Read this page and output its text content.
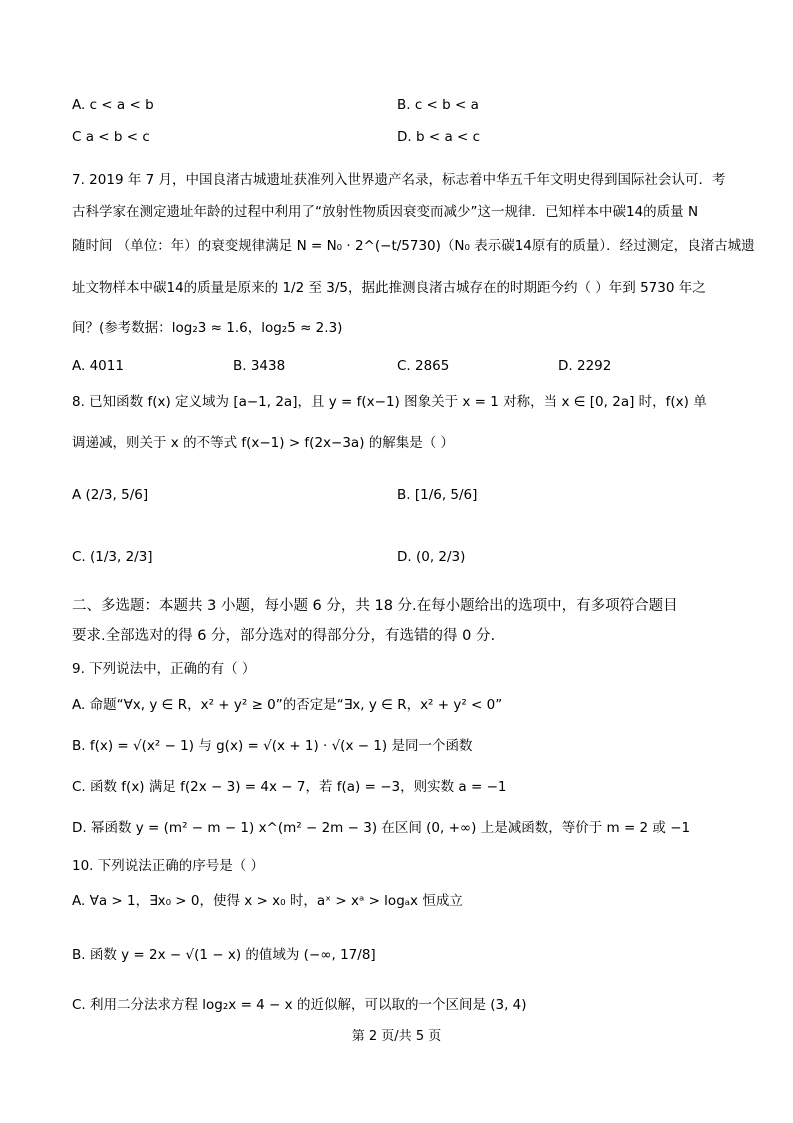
A. c < a < b	B. c < b < a
C a < b < c	D. b < a < c
7. 2019 年 7 月，中国良渚古城遗址获准列入世界遗产名录，标志着中华五千年文明史得到国际社会认可．考
古科学家在测定遗址年龄的过程中利用了“放射性物质因衰变而减少”这一规律．已知样本中碳14的质量 N
随时间 （单位：年）的衰变规律满足 N = N₀ · 2^(−t/5730)（N₀ 表示碳14原有的质量）．经过测定，良渚古城遗
址文物样本中碳14的质量是原来的 1/2 至 3/5，据此推测良渚古城存在的时期距今约（ ）年到 5730 年之
间？(参考数据：log₂3 ≈ 1.6，log₂5 ≈ 2.3)
A. 4011	B. 3438	C. 2865	D. 2292
8. 已知函数 f(x) 定义域为 [a−1, 2a]，且 y = f(x−1) 图象关于 x = 1 对称，当 x ∈ [0, 2a] 时，f(x) 单
调递减，则关于 x 的不等式 f(x−1) > f(2x−3a) 的解集是（ ）
A (2/3, 5/6]	B. [1/6, 5/6]
C. (1/3, 2/3]	D. (0, 2/3)
二、多选题：本题共 3 小题，每小题 6 分，共 18 分.在每小题给出的选项中，有多项符合题目
要求.全部选对的得 6 分，部分选对的得部分分，有选错的得 0 分.
9. 下列说法中，正确的有（ ）
A. 命题“∀x, y ∈ R，x² + y² ≥ 0”的否定是“∃x, y ∈ R，x² + y² < 0”
B. f(x) = √(x² − 1) 与 g(x) = √(x + 1) · √(x − 1) 是同一个函数
C. 函数 f(x) 满足 f(2x − 3) = 4x − 7，若 f(a) = −3，则实数 a = −1
D. 幂函数 y = (m² − m − 1) x^(m² − 2m − 3) 在区间 (0, +∞) 上是减函数，等价于 m = 2 或 −1
10. 下列说法正确的序号是（ ）
A. ∀a > 1，∃x₀ > 0，使得 x > x₀ 时，aˣ > xᵃ > logₐx 恒成立
B. 函数 y = 2x − √(1 − x) 的值域为 (−∞, 17/8]
C. 利用二分法求方程 log₂x = 4 − x 的近似解，可以取的一个区间是 (3, 4)
第 2 页/共 5 页
